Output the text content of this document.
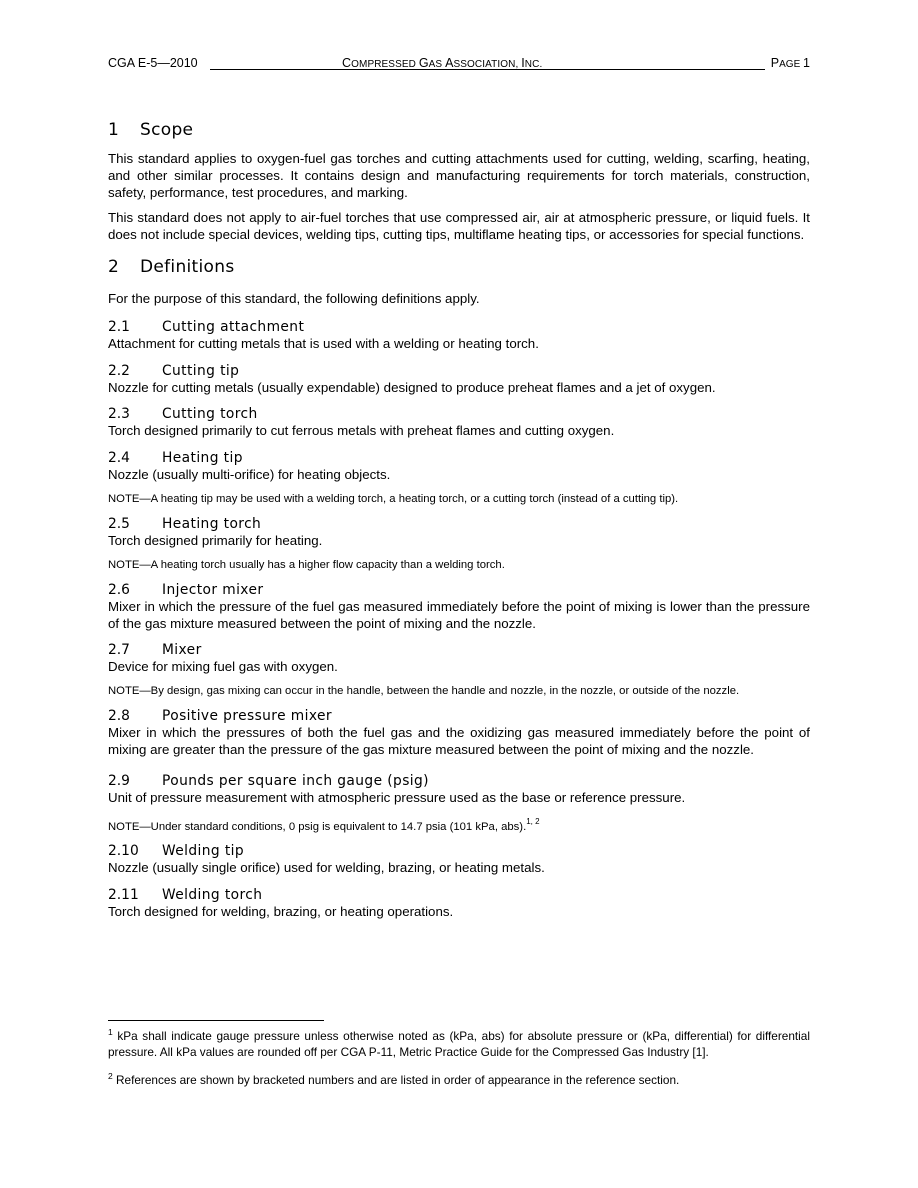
CGA E-5—2010	COMPRESSED GAS ASSOCIATION, INC.	PAGE 1
1 Scope

This standard applies to oxygen-fuel gas torches and cutting attachments used for cutting, welding, scarfing, heating, and other similar processes. It contains design and manufacturing requirements for torch materials, construction, safety, performance, test procedures, and marking.

This standard does not apply to air-fuel torches that use compressed air, air at atmospheric pressure, or liquid fuels. It does not include special devices, welding tips, cutting tips, multiflame heating tips, or accessories for special functions.

2 Definitions

For the purpose of this standard, the following definitions apply.

2.1 Cutting attachment
Attachment for cutting metals that is used with a welding or heating torch.
2.2 Cutting tip
Nozzle for cutting metals (usually expendable) designed to produce preheat flames and a jet of oxygen.
2.3 Cutting torch
Torch designed primarily to cut ferrous metals with preheat flames and cutting oxygen.
2.4 Heating tip
Nozzle (usually multi-orifice) for heating objects.

NOTE—A heating tip may be used with a welding torch, a heating torch, or a cutting torch (instead of a cutting tip).

2.5 Heating torch
Torch designed primarily for heating.

NOTE—A heating torch usually has a higher flow capacity than a welding torch.

2.6 Injector mixer
Mixer in which the pressure of the fuel gas measured immediately before the point of mixing is lower than the pressure of the gas mixture measured between the point of mixing and the nozzle.
2.7 Mixer
Device for mixing fuel gas with oxygen.

NOTE—By design, gas mixing can occur in the handle, between the handle and nozzle, in the nozzle, or outside of the nozzle.

2.8 Positive pressure mixer
Mixer in which the pressures of both the fuel gas and the oxidizing gas measured immediately before the point of mixing are greater than the pressure of the gas mixture measured between the point of mixing and the nozzle.
2.9 Pounds per square inch gauge (psig)
Unit of pressure measurement with atmospheric pressure used as the base or reference pressure.

NOTE—Under standard conditions, 0 psig is equivalent to 14.7 psia (101 kPa, abs).$^{1, 2}$

2.10 Welding tip
Nozzle (usually single orifice) used for welding, brazing, or heating metals.
2.11 Welding torch
Torch designed for welding, brazing, or heating operations.

$^1$ kPa shall indicate gauge pressure unless otherwise noted as (kPa, abs) for absolute pressure or (kPa, differential) for differential pressure. All kPa values are rounded off per CGA P-11, Metric Practice Guide for the Compressed Gas Industry [1].

$^2$ References are shown by bracketed numbers and are listed in order of appearance in the reference section.
